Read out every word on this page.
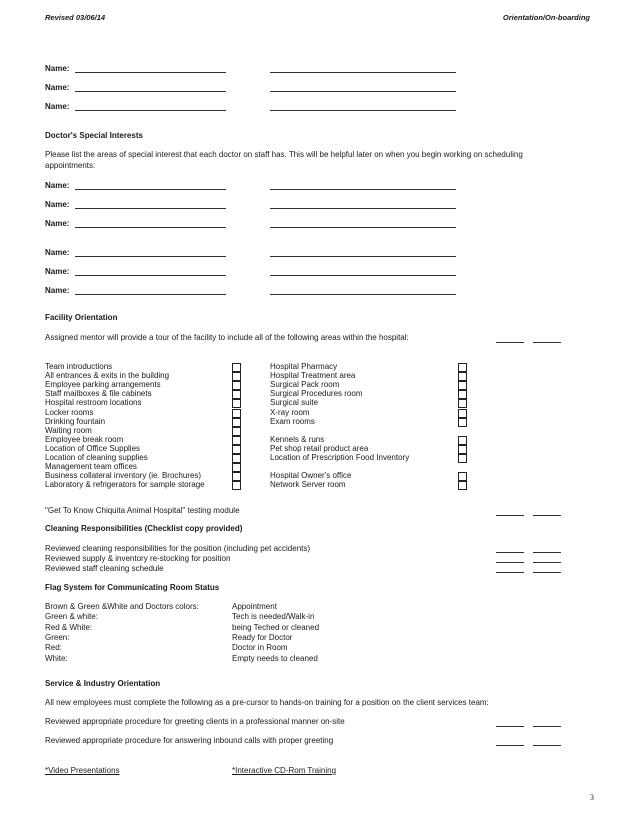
Revised 03/06/14	Orientation/On-boarding
Name:
Name:
Name:
Doctor's Special Interests
Please list the areas of special interest that each doctor on staff has. This will be helpful later on when you begin working on scheduling
appointments:
Name:
Name:
Name:
Name:
Name:
Name:
Facility Orientation
Assigned mentor will provide a tour of the facility to include all of the following areas within the hospital:
Team introductions
All entrances & exits in the building
Employee parking arrangements
Staff mailboxes & file cabinets
Hospital restroom locations
Locker rooms
Drinking fountain
Waiting room
Employee break room
Location of Office Supplies
Location of cleaning supplies
Management team offices
Business collateral inventory (ie. Brochures)
Laboratory & refrigerators for sample storage
Hospital Pharmacy
Hospital Treatment area
Surgical Pack room
Surgical Procedures room
Surgical suite
X-ray room
Exam rooms
Kennels & runs
Pet shop retail product area
Location of Prescription Food Inventory
Hospital Owner's office
Network Server room
"Get To Know Chiquita Animal Hospital" testing module
Cleaning Responsibilities (Checklist copy provided)
Reviewed cleaning responsibilities for the position (including pet accidents)
Reviewed supply & inventory re-stocking for position
Reviewed staff cleaning schedule
Flag System for Communicating Room Status
Brown & Green &White and Doctors colors:	Appointment
Green & white:	Tech is needed/Walk-in
Red & White:	being Teched or cleaned
Green:	Ready for Doctor
Red:	Doctor in Room
White:	Empty needs to cleaned
Service & Industry Orientation
All new employees must complete the following as a pre-cursor to hands-on training for a position on the client services team:
Reviewed appropriate procedure for greeting clients in a professional manner on-site
Reviewed appropriate procedure for answering inbound calls with proper greeting
*Video Presentations	*Interactive CD-Rom Training
3
